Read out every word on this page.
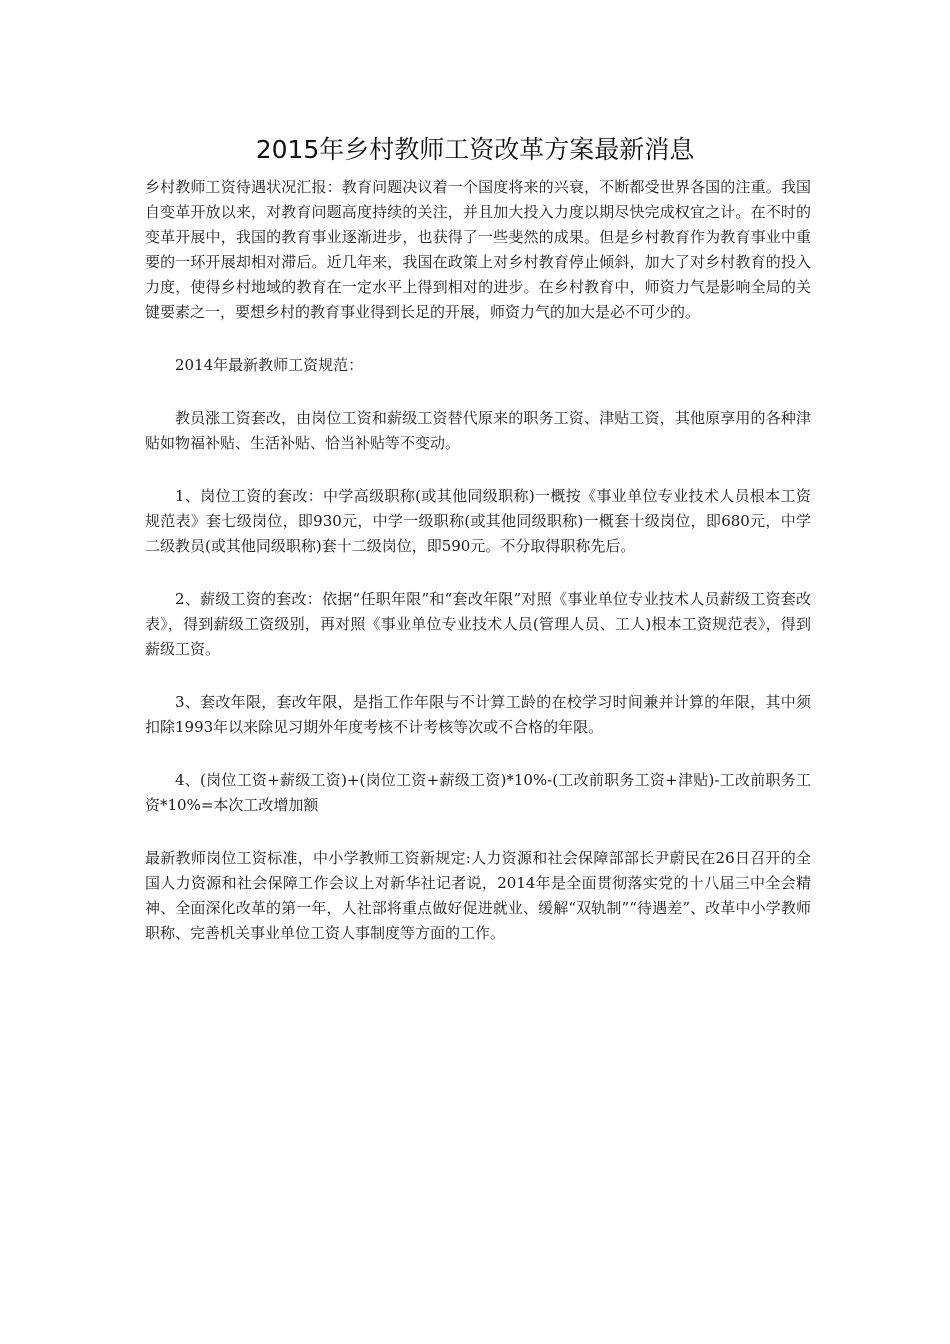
2015年乡村教师工资改革方案最新消息

乡村教师工资待遇状况汇报：教育问题决议着一个国度将来的兴衰，不断都受世界各国的注重。我国自变革开放以来，对教育问题高度持续的关注，并且加大投入力度以期尽快完成权宜之计。在不时的变革开展中，我国的教育事业逐渐进步，也获得了一些斐然的成果。但是乡村教育作为教育事业中重要的一环开展却相对滞后。近几年来，我国在政策上对乡村教育停止倾斜，加大了对乡村教育的投入力度，使得乡村地域的教育在一定水平上得到相对的进步。在乡村教育中，师资力气是影响全局的关键要素之一，要想乡村的教育事业得到长足的开展，师资力气的加大是必不可少的。

2014年最新教师工资规范：

教员涨工资套改，由岗位工资和薪级工资替代原来的职务工资、津贴工资，其他原享用的各种津贴如物福补贴、生活补贴、恰当补贴等不变动。

1、岗位工资的套改：中学高级职称(或其他同级职称)一概按《事业单位专业技术人员根本工资规范表》套七级岗位，即930元，中学一级职称(或其他同级职称)一概套十级岗位，即680元，中学二级教员(或其他同级职称)套十二级岗位，即590元。不分取得职称先后。

2、薪级工资的套改：依据“任职年限”和“套改年限”对照《事业单位专业技术人员薪级工资套改表》，得到薪级工资级别，再对照《事业单位专业技术人员(管理人员、工人)根本工资规范表》，得到薪级工资。

3、套改年限，套改年限，是指工作年限与不计算工龄的在校学习时间兼并计算的年限，其中须扣除1993年以来除见习期外年度考核不计考核等次或不合格的年限。

4、(岗位工资+薪级工资)+(岗位工资+薪级工资)*10%-(工改前职务工资+津贴)-工改前职务工资*10%=本次工改增加额

最新教师岗位工资标准，中小学教师工资新规定:人力资源和社会保障部部长尹蔚民在26日召开的全国人力资源和社会保障工作会议上对新华社记者说，2014年是全面贯彻落实党的十八届三中全会精神、全面深化改革的第一年，人社部将重点做好促进就业、缓解“双轨制”“待遇差”、改革中小学教师职称、完善机关事业单位工资人事制度等方面的工作。
